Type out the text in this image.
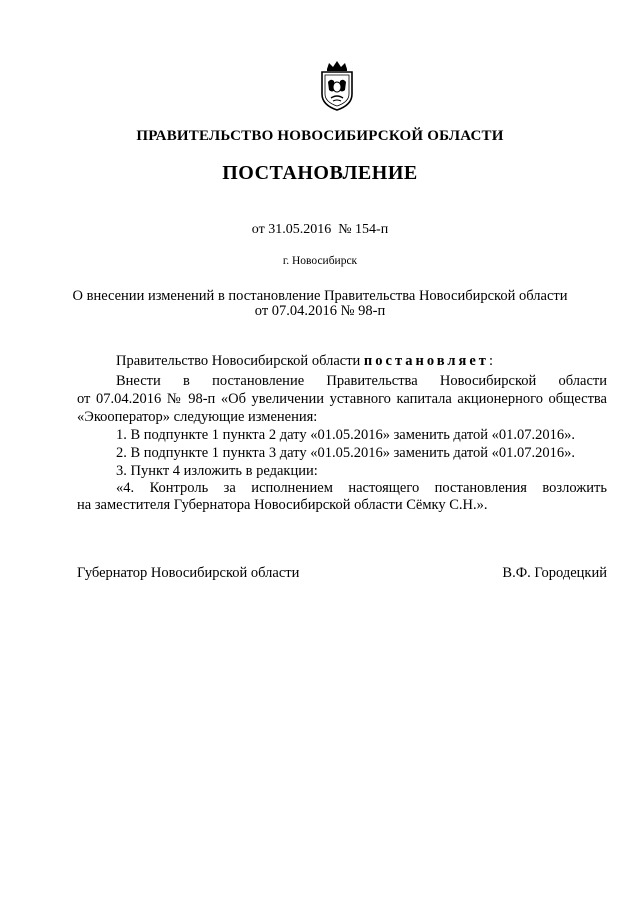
ПРАВИТЕЛЬСТВО НОВОСИБИРСКОЙ ОБЛАСТИ
ПОСТАНОВЛЕНИЕ
от 31.05.2016  № 154-п
г. Новосибирск
О внесении изменений в постановление Правительства Новосибирской области
от 07.04.2016 № 98-п
Правительство Новосибирской области постановляет:
Внести в постановление Правительства Новосибирской области
от 07.04.2016 № 98-п «Об увеличении уставного капитала акционерного общества
«Экооператор» следующие изменения:
1. В подпункте 1 пункта 2 дату «01.05.2016» заменить датой «01.07.2016».
2. В подпункте 1 пункта 3 дату «01.05.2016» заменить датой «01.07.2016».
3. Пункт 4 изложить в редакции:
«4. Контроль за исполнением настоящего постановления возложить
на заместителя Губернатора Новосибирской области Сёмку С.Н.».
Губернатор Новосибирской области	В.Ф. Городецкий
